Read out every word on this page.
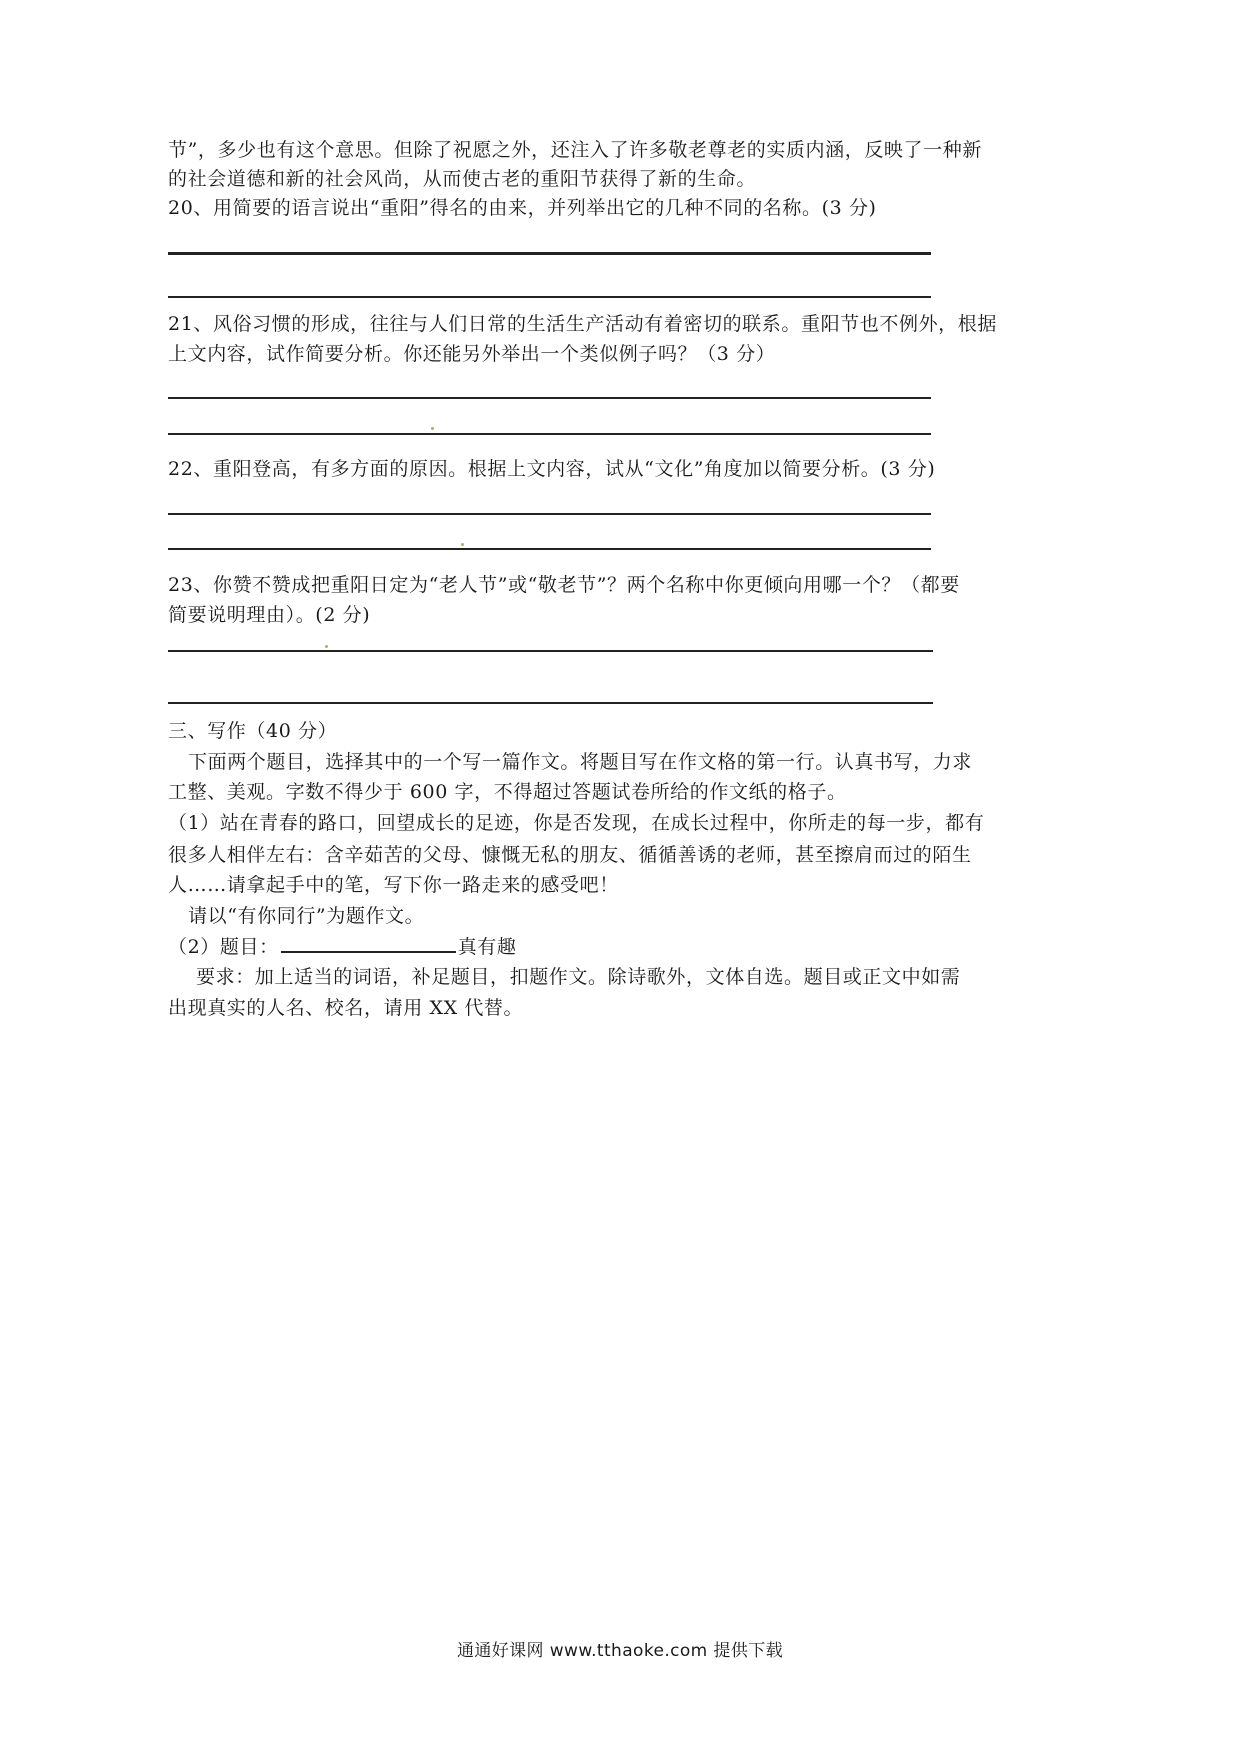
节”，多少也有这个意思。但除了祝愿之外，还注入了许多敬老尊老的实质内涵，反映了一种新
的社会道德和新的社会风尚，从而使古老的重阳节获得了新的生命。
20、用简要的语言说出“重阳”得名的由来，并列举出它的几种不同的名称。(3 分)
21、风俗习惯的形成，往往与人们日常的生活生产活动有着密切的联系。重阳节也不例外，根据
上文内容，试作简要分析。你还能另外举出一个类似例子吗？（3 分）
22、重阳登高，有多方面的原因。根据上文内容，试从“文化”角度加以简要分析。(3 分)
23、你赞不赞成把重阳日定为“老人节”或“敬老节”？两个名称中你更倾向用哪一个？（都要
简要说明理由）。(2 分)
三、写作（40 分）
下面两个题目，选择其中的一个写一篇作文。将题目写在作文格的第一行。认真书写，力求
工整、美观。字数不得少于 600 字，不得超过答题试卷所给的作文纸的格子。
（1）站在青春的路口，回望成长的足迹，你是否发现，在成长过程中，你所走的每一步，都有
很多人相伴左右：含辛茹苦的父母、慷慨无私的朋友、循循善诱的老师，甚至擦肩而过的陌生
人……请拿起手中的笔，写下你一路走来的感受吧！
请以“有你同行”为题作文。
（2）题目：	真有趣
要求：加上适当的词语，补足题目，扣题作文。除诗歌外，文体自选。题目或正文中如需
出现真实的人名、校名，请用 XX 代替。
通通好课网 www.tthaoke.com 提供下载
